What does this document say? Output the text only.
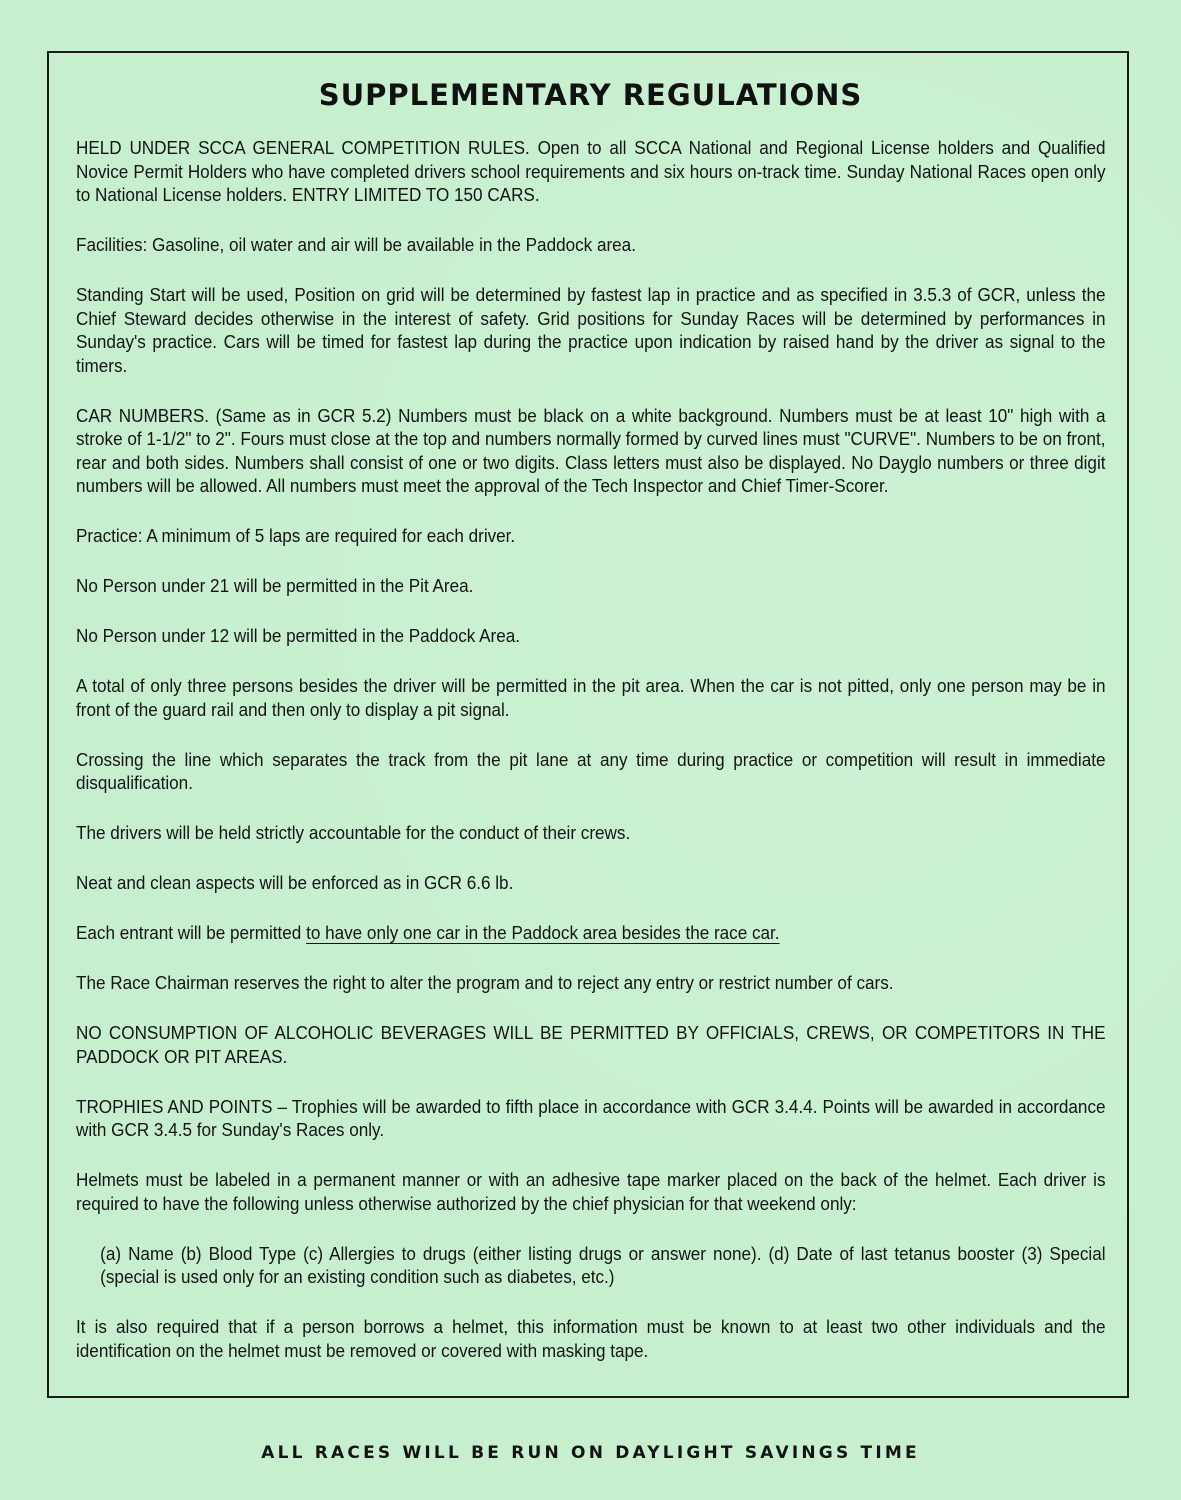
SUPPLEMENTARY REGULATIONS

HELD UNDER SCCA GENERAL COMPETITION RULES. Open to all SCCA National and Regional License holders and Qualified Novice Permit Holders who have completed drivers school requirements and six hours on-track time. Sunday National Races open only to National License holders. ENTRY LIMITED TO 150 CARS.

Facilities: Gasoline, oil water and air will be available in the Paddock area.

Standing Start will be used, Position on grid will be determined by fastest lap in practice and as specified in 3.5.3 of GCR, unless the Chief Steward decides otherwise in the interest of safety. Grid positions for Sunday Races will be determined by performances in Sunday's practice. Cars will be timed for fastest lap during the practice upon indication by raised hand by the driver as signal to the timers.

CAR NUMBERS. (Same as in GCR 5.2) Numbers must be black on a white background. Numbers must be at least 10" high with a stroke of 1-1/2" to 2". Fours must close at the top and numbers normally formed by curved lines must "CURVE". Numbers to be on front, rear and both sides. Numbers shall consist of one or two digits. Class letters must also be displayed. No Dayglo numbers or three digit numbers will be allowed. All numbers must meet the approval of the Tech Inspector and Chief Timer-Scorer.

Practice: A minimum of 5 laps are required for each driver.

No Person under 21 will be permitted in the Pit Area.

No Person under 12 will be permitted in the Paddock Area.

A total of only three persons besides the driver will be permitted in the pit area. When the car is not pitted, only one person may be in front of the guard rail and then only to display a pit signal.

Crossing the line which separates the track from the pit lane at any time during practice or competition will result in immediate disqualification.

The drivers will be held strictly accountable for the conduct of their crews.

Neat and clean aspects will be enforced as in GCR 6.6 lb.

Each entrant will be permitted to have only one car in the Paddock area besides the race car.

The Race Chairman reserves the right to alter the program and to reject any entry or restrict number of cars.

NO CONSUMPTION OF ALCOHOLIC BEVERAGES WILL BE PERMITTED BY OFFICIALS, CREWS, OR COMPETITORS IN THE PADDOCK OR PIT AREAS.

TROPHIES AND POINTS – Trophies will be awarded to fifth place in accordance with GCR 3.4.4. Points will be awarded in accordance with GCR 3.4.5 for Sunday's Races only.

Helmets must be labeled in a permanent manner or with an adhesive tape marker placed on the back of the helmet. Each driver is required to have the following unless otherwise authorized by the chief physician for that weekend only:

(a) Name (b) Blood Type (c) Allergies to drugs (either listing drugs or answer none). (d) Date of last tetanus booster (3) Special (special is used only for an existing condition such as diabetes, etc.)

It is also required that if a person borrows a helmet, this information must be known to at least two other individuals and the identification on the helmet must be removed or covered with masking tape.

ALL RACES WILL BE RUN ON DAYLIGHT SAVINGS TIME
